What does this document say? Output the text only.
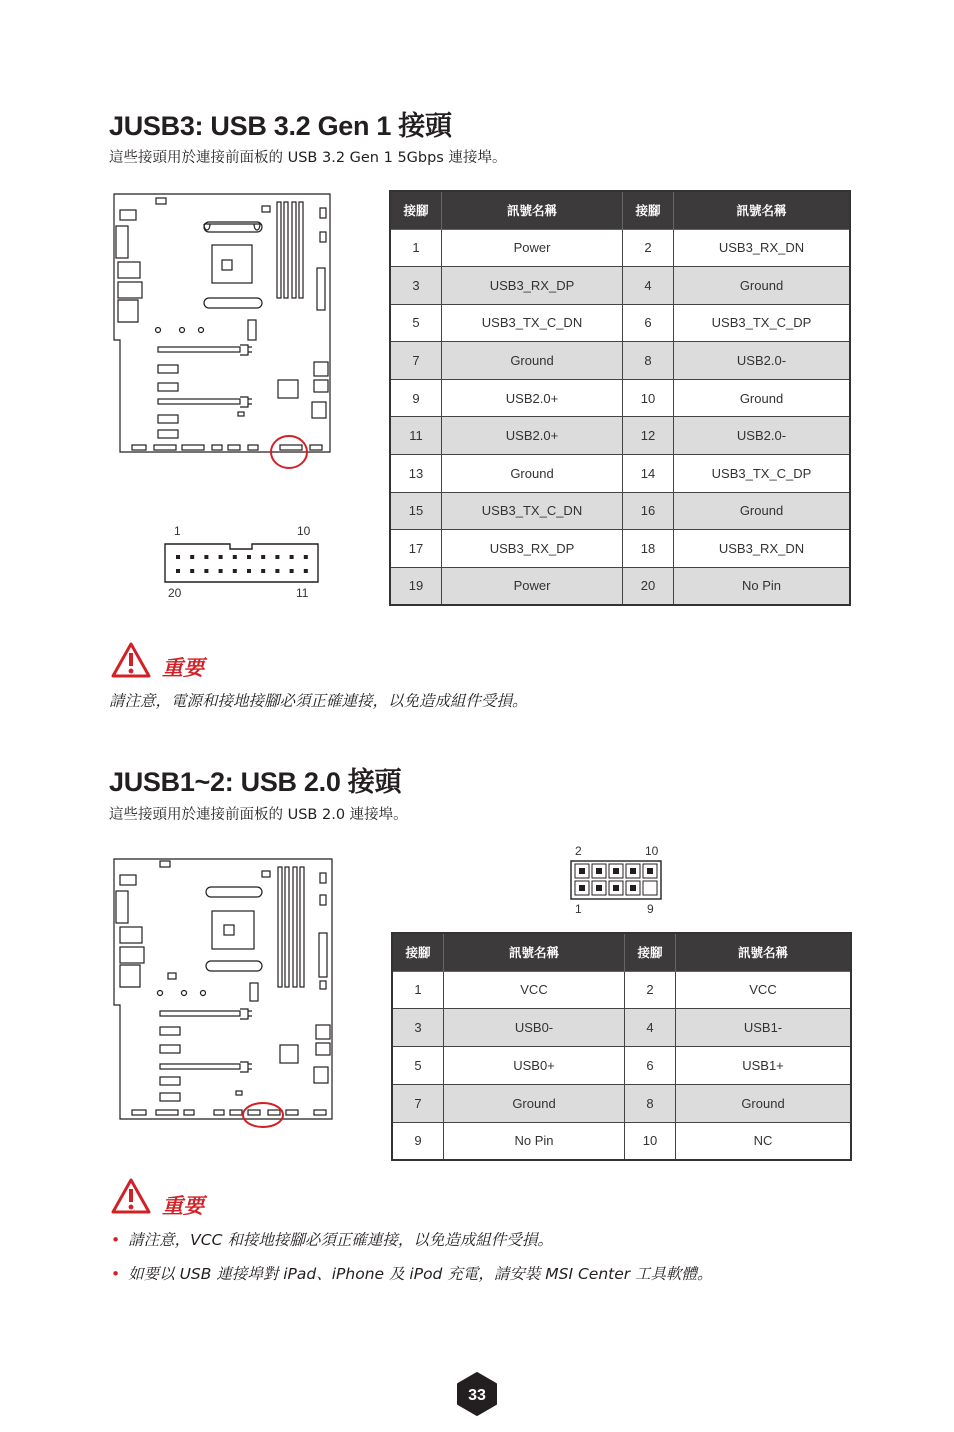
JUSB3: USB 3.2 Gen 1 接頭
這些接頭用於連接前面板的 USB 3.2 Gen 1 5Gbps 連接埠。
1	10
20	11
接腳	訊號名稱	接腳	訊號名稱
1	Power	2	USB3_RX_DN
3	USB3_RX_DP	4	Ground
5	USB3_TX_C_DN	6	USB3_TX_C_DP
7	Ground	8	USB2.0-
9	USB2.0+	10	Ground
11	USB2.0+	12	USB2.0-
13	Ground	14	USB3_TX_C_DP
15	USB3_TX_C_DN	16	Ground
17	USB3_RX_DP	18	USB3_RX_DN
19	Power	20	No Pin
重要
請注意，電源和接地接腳必須正確連接，以免造成組件受損。
JUSB1~2: USB 2.0 接頭
這些接頭用於連接前面板的 USB 2.0 連接埠。
2	10
1	9
接腳	訊號名稱	接腳	訊號名稱
1	VCC	2	VCC
3	USB0-	4	USB1-
5	USB0+	6	USB1+
7	Ground	8	Ground
9	No Pin	10	NC
重要
• 請注意，VCC 和接地接腳必須正確連接，以免造成組件受損。
• 如要以 USB 連接埠對 iPad、iPhone 及 iPod 充電，請安裝 MSI Center 工具軟體。
33
